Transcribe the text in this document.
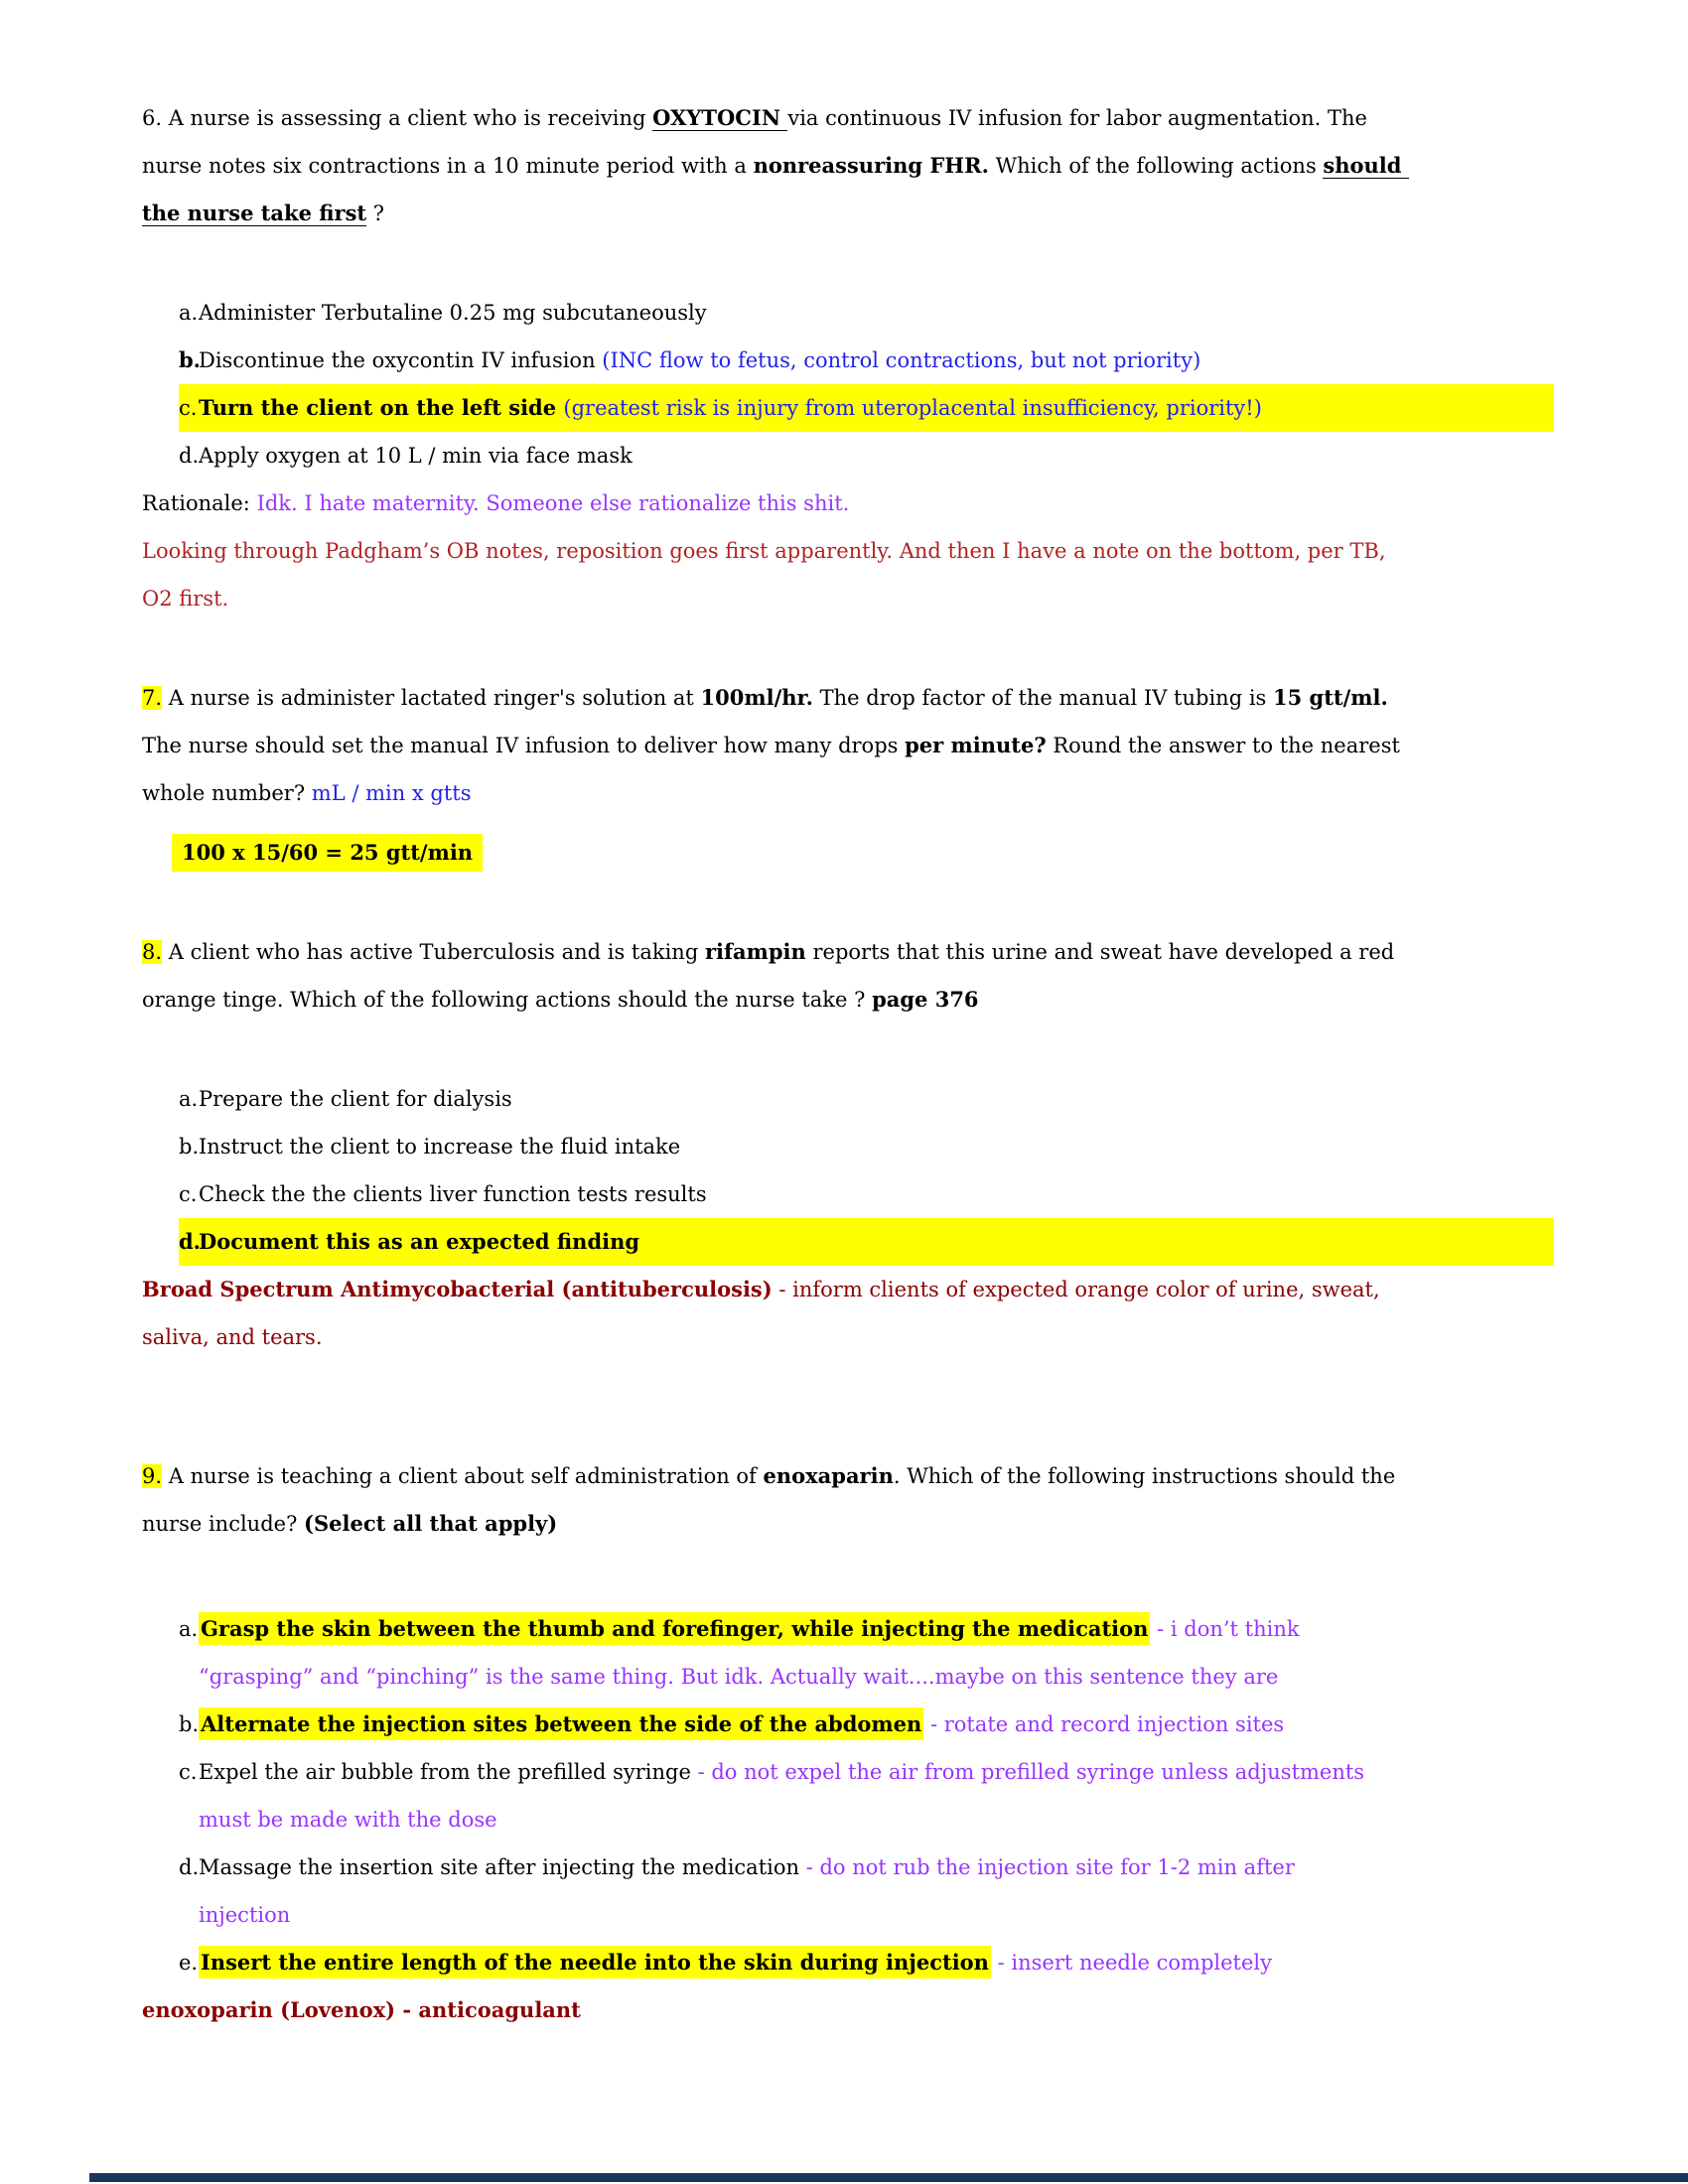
6. A nurse is assessing a client who is receiving OXYTOCIN via continuous IV infusion for labor augmentation. The
nurse notes six contractions in a 10 minute period with a nonreassuring FHR. Which of the following actions should
the nurse take first ?
a. Administer Terbutaline 0.25 mg subcutaneously
b.
Discontinue the oxycontin IV infusion (INC flow to fetus, control contractions, but not priority)
c. Turn the client on the left side (greatest risk is injury from uteroplacental insufficiency, priority!)
d. Apply oxygen at 10 L / min via face mask
Rationale: Idk. I hate maternity. Someone else rationalize this shit.
Looking through Padgham’s OB notes, reposition goes first apparently. And then I have a note on the bottom, per TB,
O2 first.
7. A nurse is administer lactated ringer's solution at 100ml/hr. The drop factor of the manual IV tubing is 15 gtt/ml.
The nurse should set the manual IV infusion to deliver how many drops per minute? Round the answer to the nearest
whole number? mL / min x gtts
100 x 15/60 = 25 gtt/min
8. A client who has active Tuberculosis and is taking rifampin reports that this urine and sweat have developed a red
orange tinge. Which of the following actions should the nurse take ? page 376
a. Prepare the client for dialysis
b. Instruct the client to increase the fluid intake
c. Check the the clients liver function tests results
d.
Document this as an expected finding
Broad Spectrum Antimycobacterial (antituberculosis) - inform clients of expected orange color of urine, sweat,
saliva, and tears.
9. A nurse is teaching a client about self administration of enoxaparin. Which of the following instructions should the
nurse include? (Select all that apply)
a. Grasp the skin between the thumb and forefinger, while injecting the medication - i don’t think
“grasping” and “pinching” is the same thing. But idk. Actually wait....maybe on this sentence they are
b. Alternate the injection sites between the side of the abdomen - rotate and record injection sites
c. Expel the air bubble from the prefilled syringe - do not expel the air from prefilled syringe unless adjustments
must be made with the dose
d. Massage the insertion site after injecting the medication - do not rub the injection site for 1-2 min after
injection
e. Insert the entire length of the needle into the skin during injection - insert needle completely
enoxoparin (Lovenox) - anticoagulant
